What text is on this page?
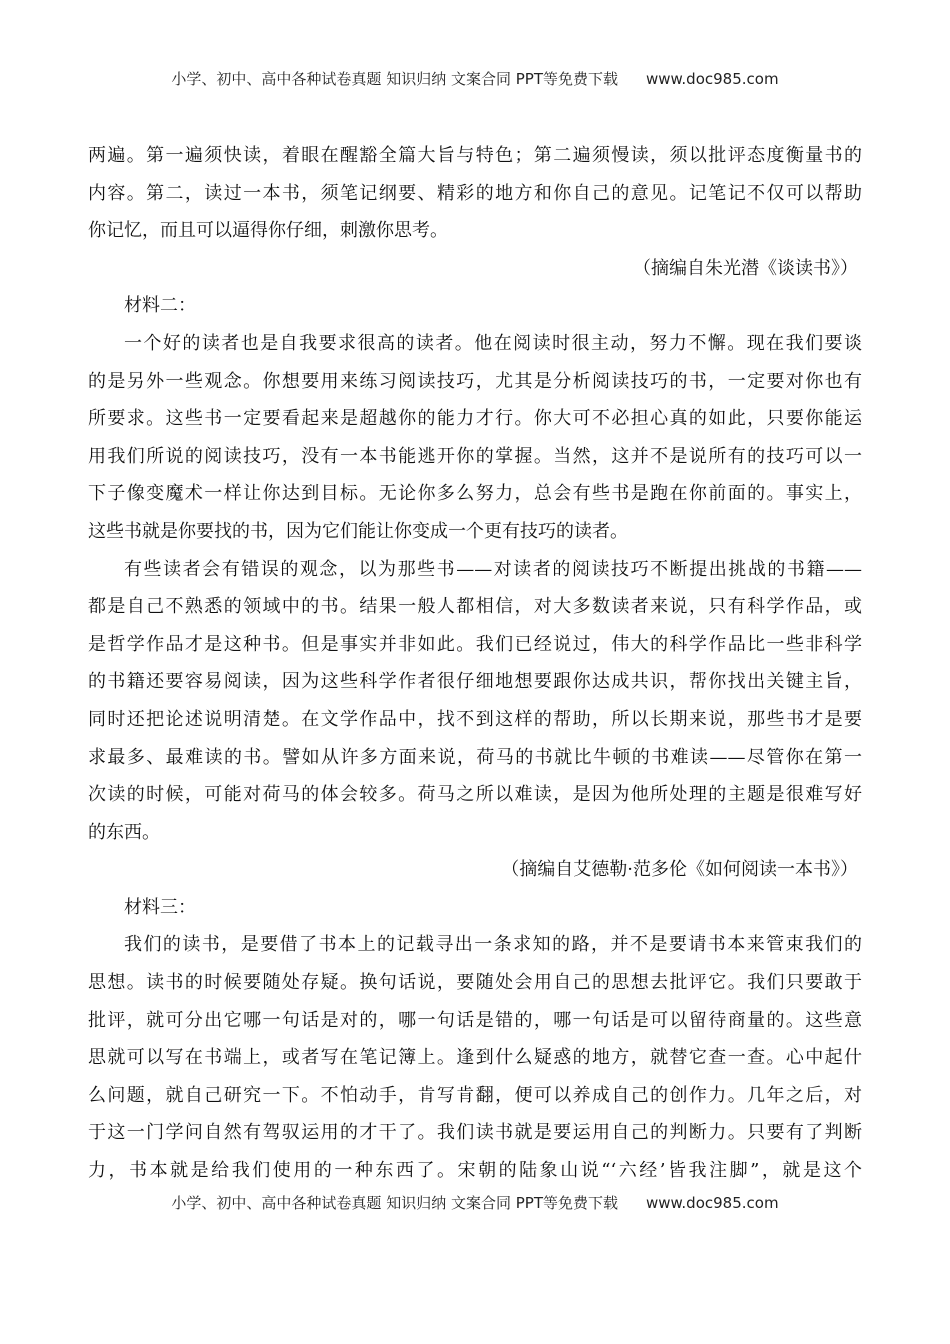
小学、初中、高中各种试卷真题 知识归纳 文案合同 PPT等免费下载 www.doc985.com
两遍。第一遍须快读，着眼在醒豁全篇大旨与特色；第二遍须慢读，须以批评态度衡量书的
内容。第二，读过一本书，须笔记纲要、精彩的地方和你自己的意见。记笔记不仅可以帮助
你记忆，而且可以逼得你仔细，刺激你思考。
（摘编自朱光潜《谈读书》）
材料二：
一个好的读者也是自我要求很高的读者。他在阅读时很主动，努力不懈。现在我们要谈
的是另外一些观念。你想要用来练习阅读技巧，尤其是分析阅读技巧的书，一定要对你也有
所要求。这些书一定要看起来是超越你的能力才行。你大可不必担心真的如此，只要你能运
用我们所说的阅读技巧，没有一本书能逃开你的掌握。当然，这并不是说所有的技巧可以一
下子像变魔术一样让你达到目标。无论你多么努力，总会有些书是跑在你前面的。事实上，
这些书就是你要找的书，因为它们能让你变成一个更有技巧的读者。
有些读者会有错误的观念，以为那些书——对读者的阅读技巧不断提出挑战的书籍——
都是自己不熟悉的领域中的书。结果一般人都相信，对大多数读者来说，只有科学作品，或
是哲学作品才是这种书。但是事实并非如此。我们已经说过，伟大的科学作品比一些非科学
的书籍还要容易阅读，因为这些科学作者很仔细地想要跟你达成共识，帮你找出关键主旨，
同时还把论述说明清楚。在文学作品中，找不到这样的帮助，所以长期来说，那些书才是要
求最多、最难读的书。譬如从许多方面来说，荷马的书就比牛顿的书难读——尽管你在第一
次读的时候，可能对荷马的体会较多。荷马之所以难读，是因为他所处理的主题是很难写好
的东西。
（摘编自艾德勒·范多伦《如何阅读一本书》）
材料三：
我们的读书，是要借了书本上的记载寻出一条求知的路，并不是要请书本来管束我们的
思想。读书的时候要随处存疑。换句话说，要随处会用自己的思想去批评它。我们只要敢于
批评，就可分出它哪一句话是对的，哪一句话是错的，哪一句话是可以留待商量的。这些意
思就可以写在书端上，或者写在笔记簿上。逢到什么疑惑的地方，就替它查一查。心中起什
么问题，就自己研究一下。不怕动手，肯写肯翻，便可以养成自己的创作力。几年之后，对
于这一门学问自然有驾驭运用的才干了。我们读书就是要运用自己的判断力。只要有了判断
力，书本就是给我们使用的一种东西了。宋朝的陆象山说“‘六经’皆我注脚”，就是这个
小学、初中、高中各种试卷真题 知识归纳 文案合同 PPT等免费下载 www.doc985.com
